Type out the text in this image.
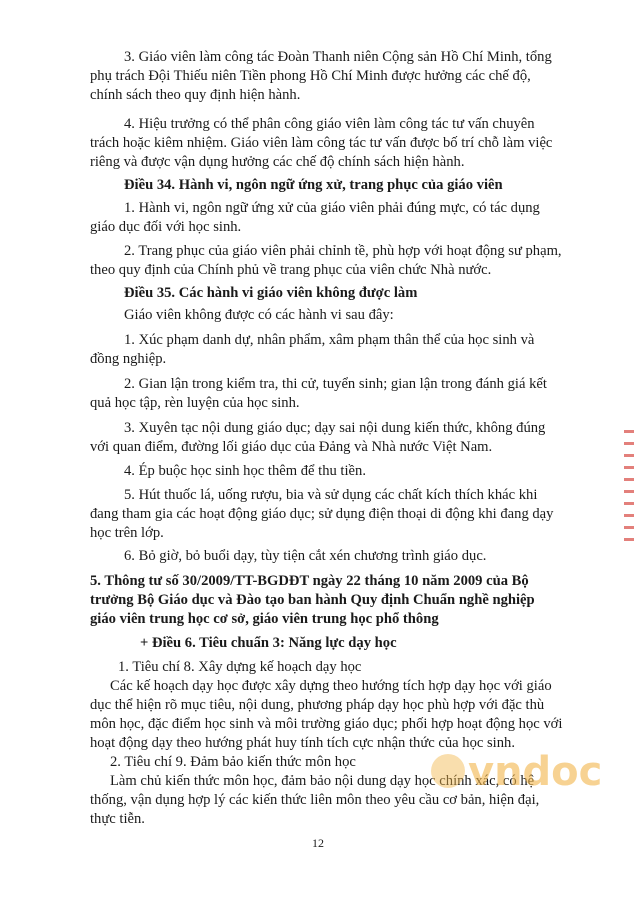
3. Giáo viên làm công tác Đoàn Thanh niên Cộng sản Hồ Chí Minh, tổng

phụ trách Đội Thiếu niên Tiền phong Hồ Chí Minh được hưởng các chế độ,

chính sách theo quy định hiện hành.

4. Hiệu trưởng có thể phân công giáo viên làm công tác tư vấn chuyên

trách hoặc kiêm nhiệm. Giáo viên làm công tác tư vấn được bố trí chỗ làm việc

riêng và được vận dụng hưởng các chế độ chính sách hiện hành.

Điều 34. Hành vi, ngôn ngữ ứng xử, trang phục của giáo viên

1. Hành vi, ngôn ngữ ứng xử của giáo viên phải đúng mực, có tác dụng

giáo dục đối với học sinh.

2. Trang phục của giáo viên phải chỉnh tề, phù hợp với hoạt động sư phạm,

theo quy định của Chính phủ về trang phục của viên chức Nhà nước.

Điều 35. Các hành vi giáo viên không được làm

Giáo viên không được có các hành vi sau đây:

1. Xúc phạm danh dự, nhân phẩm, xâm phạm thân thể của học sinh và

đồng nghiệp.

2. Gian lận trong kiểm tra, thi cử, tuyển sinh; gian lận trong đánh giá kết

quả học tập, rèn luyện của học sinh.

3. Xuyên tạc nội dung giáo dục; dạy sai nội dung kiến thức, không đúng

với quan điểm, đường lối giáo dục của Đảng và Nhà nước Việt Nam.

4. Ép buộc học sinh học thêm để thu tiền.

5. Hút thuốc lá, uống rượu, bia và sử dụng các chất kích thích khác khi

đang tham gia các hoạt động giáo dục; sử dụng điện thoại di động khi đang dạy

học trên lớp.

6. Bỏ giờ, bỏ buổi dạy, tùy tiện cắt xén chương trình giáo dục.

5. Thông tư số 30/2009/TT-BGDĐT ngày 22 tháng 10 năm 2009 của Bộ

trưởng Bộ Giáo dục và Đào tạo ban hành Quy định Chuẩn nghề nghiệp

giáo viên trung học cơ sở, giáo viên trung học phổ thông

+ Điều 6. Tiêu chuẩn 3: Năng lực dạy học

1. Tiêu chí 8. Xây dựng kế hoạch dạy học

Các kế hoạch dạy học được xây dựng theo hướng tích hợp dạy học với giáo

dục thể hiện rõ mục tiêu, nội dung, phương pháp dạy học phù hợp với đặc thù

môn học, đặc điểm học sinh và môi trường giáo dục; phối hợp hoạt động học với

hoạt động dạy theo hướng phát huy tính tích cực nhận thức của học sinh.

2. Tiêu chí 9. Đảm bảo kiến thức môn học

Làm chủ kiến thức môn học, đảm bảo nội dung dạy học chính xác, có hệ

thống, vận dụng hợp lý các kiến thức liên môn theo yêu cầu cơ bản, hiện đại,

thực tiễn.

12
vndoc
